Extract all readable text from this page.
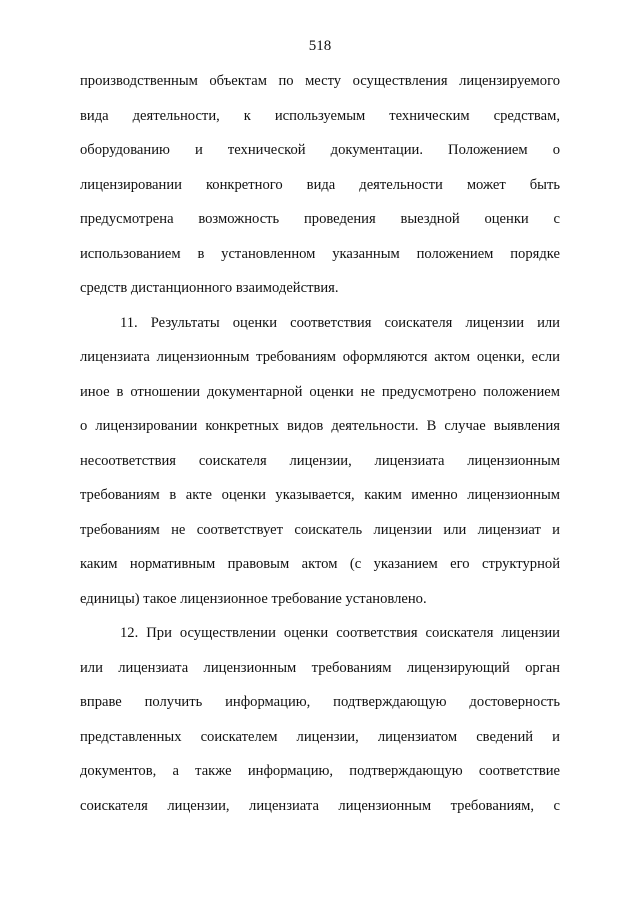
518
производственным объектам по месту осуществления лицензируемого
вида деятельности, к используемым техническим средствам,
оборудованию и технической документации. Положением о
лицензировании конкретного вида деятельности может быть
предусмотрена возможность проведения выездной оценки с
использованием в установленном указанным положением порядке
средств дистанционного взаимодействия.
11. Результаты оценки соответствия соискателя лицензии или
лицензиата лицензионным требованиям оформляются актом оценки, если
иное в отношении документарной оценки не предусмотрено положением
о лицензировании конкретных видов деятельности. В случае выявления
несоответствия соискателя лицензии, лицензиата лицензионным
требованиям в акте оценки указывается, каким именно лицензионным
требованиям не соответствует соискатель лицензии или лицензиат и
каким нормативным правовым актом (с указанием его структурной
единицы) такое лицензионное требование установлено.
12. При осуществлении оценки соответствия соискателя лицензии
или лицензиата лицензионным требованиям лицензирующий орган
вправе получить информацию, подтверждающую достоверность
представленных соискателем лицензии, лицензиатом сведений и
документов, а также информацию, подтверждающую соответствие
соискателя лицензии, лицензиата лицензионным требованиям, с
